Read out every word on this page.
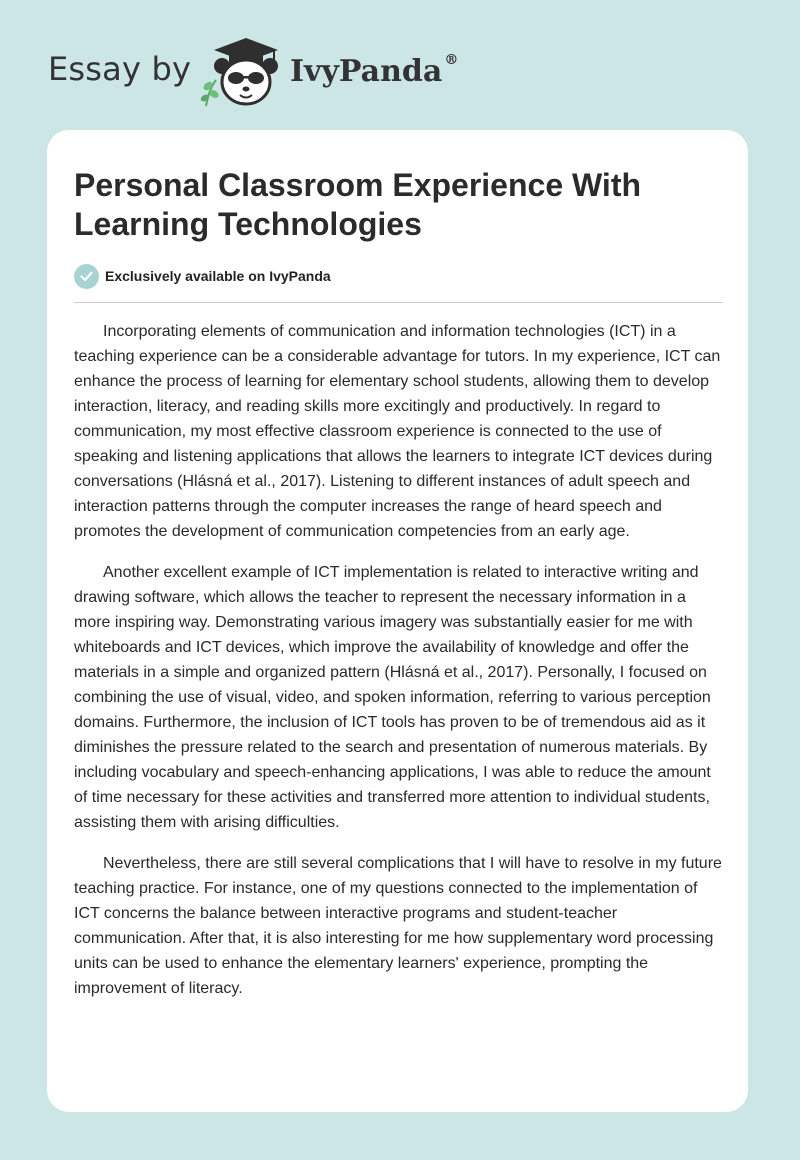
Essay by	IvyPanda ®
Personal Classroom Experience With Learning Technologies
Exclusively available on IvyPanda

Incorporating elements of communication and information technologies (ICT) in a teaching experience can be a considerable advantage for tutors. In my experience, ICT can enhance the process of learning for elementary school students, allowing them to develop interaction, literacy, and reading skills more excitingly and productively. In regard to communication, my most effective classroom experience is connected to the use of speaking and listening applications that allows the learners to integrate ICT devices during conversations (Hlásná et al., 2017). Listening to different instances of adult speech and interaction patterns through the computer increases the range of heard speech and promotes the development of communication competencies from an early age.

Another excellent example of ICT implementation is related to interactive writing and drawing software, which allows the teacher to represent the necessary information in a more inspiring way. Demonstrating various imagery was substantially easier for me with whiteboards and ICT devices, which improve the availability of knowledge and offer the materials in a simple and organized pattern (Hlásná et al., 2017). Personally, I focused on combining the use of visual, video, and spoken information, referring to various perception domains. Furthermore, the inclusion of ICT tools has proven to be of tremendous aid as it diminishes the pressure related to the search and presentation of numerous materials. By including vocabulary and speech-enhancing applications, I was able to reduce the amount of time necessary for these activities and transferred more attention to individual students, assisting them with arising difficulties.

Nevertheless, there are still several complications that I will have to resolve in my future teaching practice. For instance, one of my questions connected to the implementation of ICT concerns the balance between interactive programs and student-teacher communication. After that, it is also interesting for me how supplementary word processing units can be used to enhance the elementary learners' experience, prompting the improvement of literacy.
